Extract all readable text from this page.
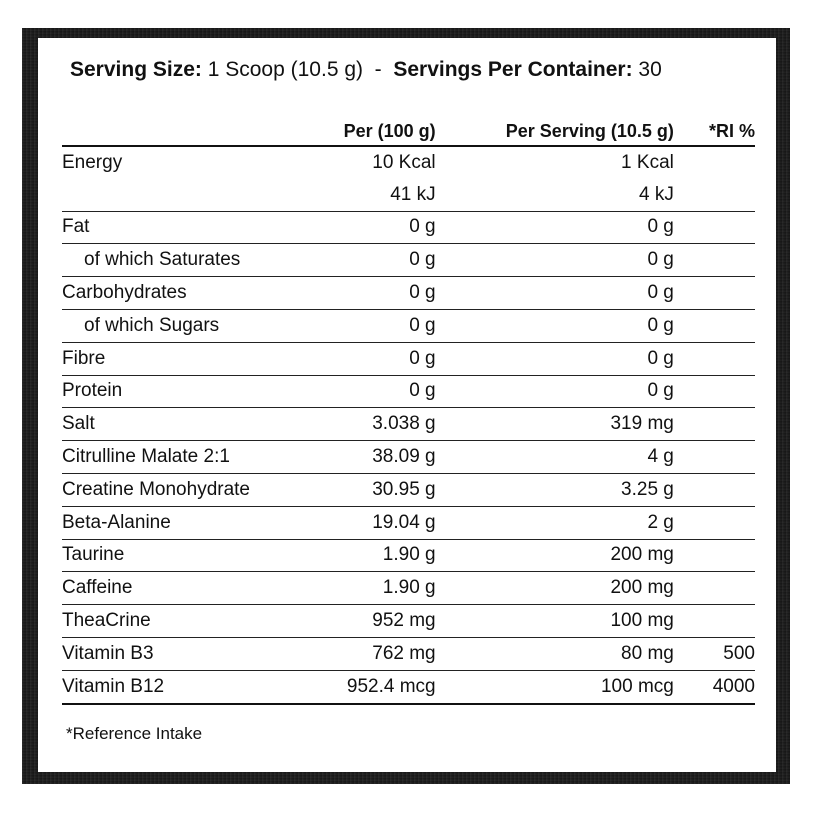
Serving Size: 1 Scoop (10.5 g) - Servings Per Container: 30
	Per (100 g)	Per Serving (10.5 g)	*RI %
Energy	10 Kcal	1 Kcal	
	41 kJ	4 kJ	
Fat	0 g	0 g	
of which Saturates	0 g	0 g	
Carbohydrates	0 g	0 g	
of which Sugars	0 g	0 g	
Fibre	0 g	0 g	
Protein	0 g	0 g	
Salt	3.038 g	319 mg	
Citrulline Malate 2:1	38.09 g	4 g	
Creatine Monohydrate	30.95 g	3.25 g	
Beta-Alanine	19.04 g	2 g	
Taurine	1.90 g	200 mg	
Caffeine	1.90 g	200 mg	
TheaCrine	952 mg	100 mg	
Vitamin B3	762 mg	80 mg	500
Vitamin B12	952.4 mcg	100 mcg	4000
*Reference Intake
